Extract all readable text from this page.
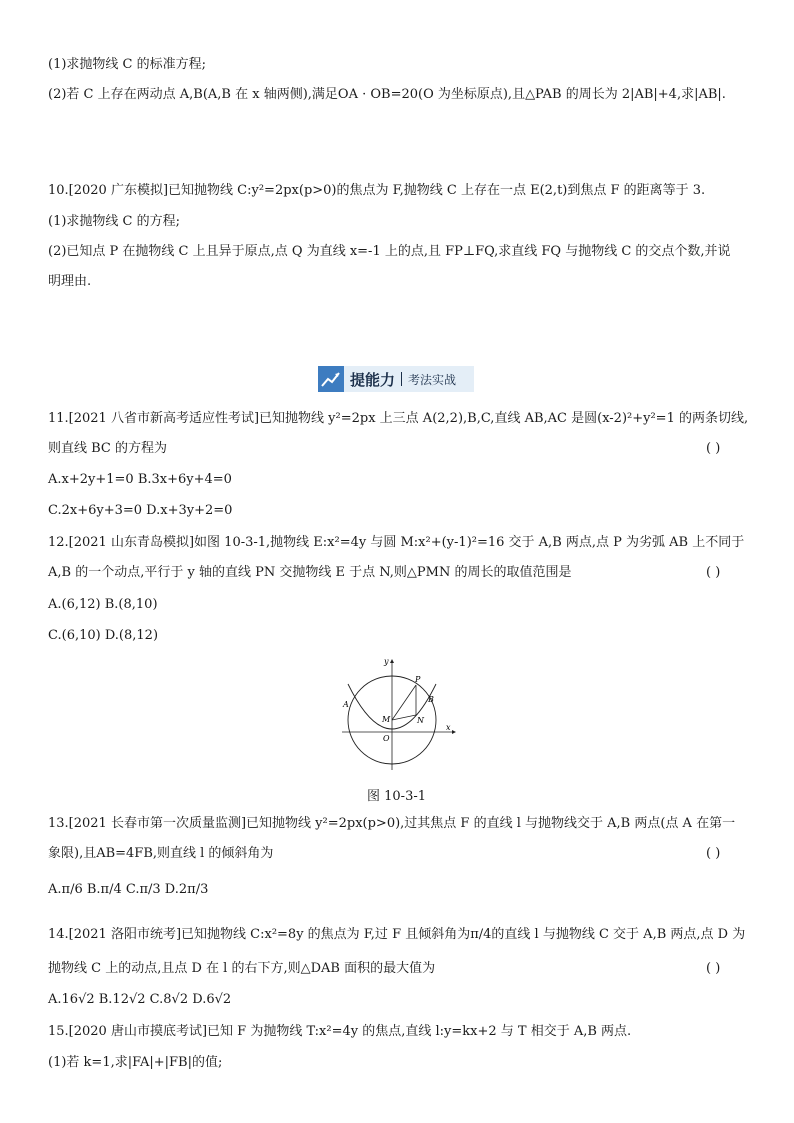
(1)求抛物线 C 的标准方程;
(2)若 C 上存在两动点 A,B(A,B 在 x 轴两侧),满足OA · OB=20(O 为坐标原点),且△PAB 的周长为 2|AB|+4,求|AB|.
10.[2020 广东模拟]已知抛物线 C:y²=2px(p>0)的焦点为 F,抛物线 C 上存在一点 E(2,t)到焦点 F 的距离等于 3.
(1)求抛物线 C 的方程;
(2)已知点 P 在抛物线 C 上且异于原点,点 Q 为直线 x=-1 上的点,且 FP⊥FQ,求直线 FQ 与抛物线 C 的交点个数,并说
明理由.
提能力 考法实战
11.[2021 八省市新高考适应性考试]已知抛物线 y²=2px 上三点 A(2,2),B,C,直线 AB,AC 是圆(x-2)²+y²=1 的两条切线,
则直线 BC 的方程为	( )
A.x+2y+1=0 B.3x+6y+4=0
C.2x+6y+3=0 D.x+3y+2=0
12.[2021 山东青岛模拟]如图 10-3-1,抛物线 E:x²=4y 与圆 M:x²+(y-1)²=16 交于 A,B 两点,点 P 为劣弧 AB 上不同于
A,B 的一个动点,平行于 y 轴的直线 PN 交抛物线 E 于点 N,则△PMN 的周长的取值范围是	( )
A.(6,12) B.(8,10)
C.(6,10) D.(8,12)
y
x
A
B
P
M	N
O
图 10-3-1
13.[2021 长春市第一次质量监测]已知抛物线 y²=2px(p>0),过其焦点 F 的直线 l 与抛物线交于 A,B 两点(点 A 在第一
象限),且AB=4FB,则直线 l 的倾斜角为	( )
A.π/6 B.π/4 C.π/3 D.2π/3
14.[2021 洛阳市统考]已知抛物线 C:x²=8y 的焦点为 F,过 F 且倾斜角为π/4的直线 l 与抛物线 C 交于 A,B 两点,点 D 为
抛物线 C 上的动点,且点 D 在 l 的右下方,则△DAB 面积的最大值为	( )
A.16√2 B.12√2 C.8√2 D.6√2
15.[2020 唐山市摸底考试]已知 F 为抛物线 T:x²=4y 的焦点,直线 l:y=kx+2 与 T 相交于 A,B 两点.
(1)若 k=1,求|FA|+|FB|的值;
